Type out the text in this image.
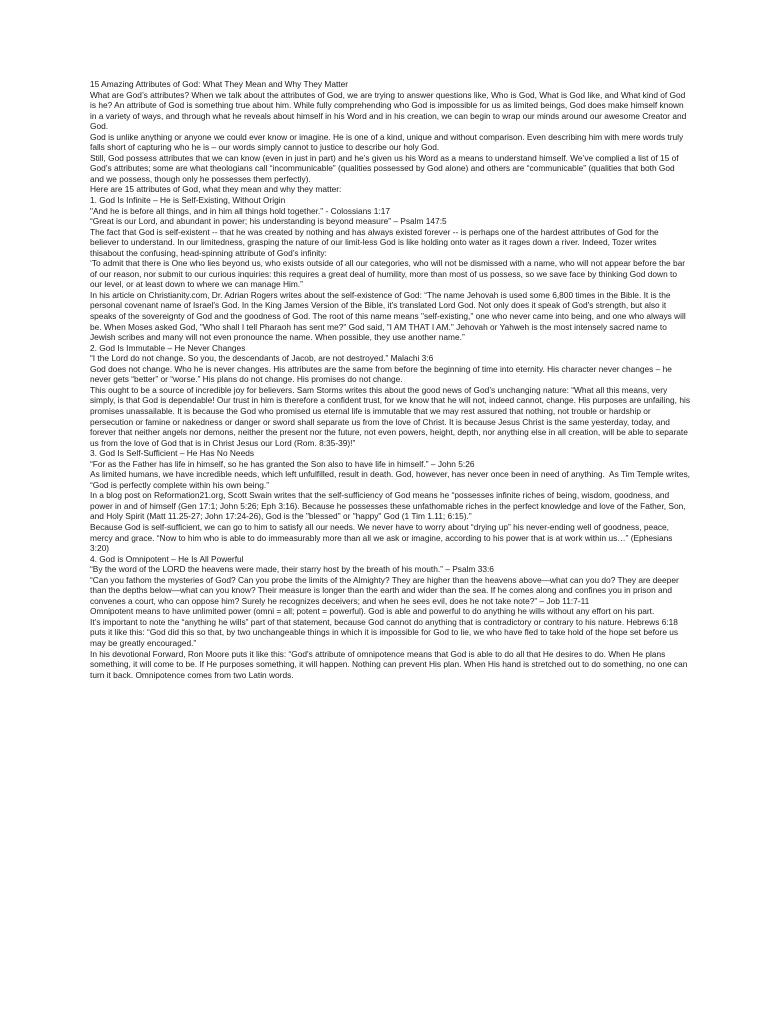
15 Amazing Attributes of God: What They Mean and Why They Matter
What are God’s attributes? When we talk about the attributes of God, we are trying to answer questions like, Who is God, What is God like, and What kind of God is he? An attribute of God is something true about him. While fully comprehending who God is impossible for us as limited beings, God does make himself known in a variety of ways, and through what he reveals about himself in his Word and in his creation, we can begin to wrap our minds around our awesome Creator and God.
God is unlike anything or anyone we could ever know or imagine. He is one of a kind, unique and without comparison. Even describing him with mere words truly falls short of capturing who he is – our words simply cannot to justice to describe our holy God.
Still, God possess attributes that we can know (even in just in part) and he’s given us his Word as a means to understand himself. We’ve complied a list of 15 of God’s attributes; some are what theologians call “incommunicable” (qualities possessed by God alone) and others are “communicable” (qualities that both God and we possess, though only he possesses them perfectly).
Here are 15 attributes of God, what they mean and why they matter:
1. God Is Infinite – He is Self-Existing, Without Origin
"And he is before all things, and in him all things hold together." - Colossians 1:17
“Great is our Lord, and abundant in power; his understanding is beyond measure” – Psalm 147:5
The fact that God is self-existent -- that he was created by nothing and has always existed forever -- is perhaps one of the hardest attributes of God for the believer to understand. In our limitedness, grasping the nature of our limit-less God is like holding onto water as it rages down a river. Indeed, Tozer writes thisabout the confusing, head-spinning attribute of God’s infinity:
‘To admit that there is One who lies beyond us, who exists outside of all our categories, who will not be dismissed with a name, who will not appear before the bar of our reason, nor submit to our curious inquiries: this requires a great deal of humility, more than most of us possess, so we save face by thinking God down to our level, or at least down to where we can manage Him.”
In his article on Christianity.com, Dr. Adrian Rogers writes about the self-existence of God: “The name Jehovah is used some 6,800 times in the Bible. It is the personal covenant name of Israel's God. In the King James Version of the Bible, it's translated Lord God. Not only does it speak of God's strength, but also it speaks of the sovereignty of God and the goodness of God. The root of this name means "self-existing," one who never came into being, and one who always will be. When Moses asked God, "Who shall I tell Pharaoh has sent me?" God said, "I AM THAT I AM." Jehovah or Yahweh is the most intensely sacred name to Jewish scribes and many will not even pronounce the name. When possible, they use another name.”
2. God Is Immutable – He Never Changes
“I the Lord do not change. So you, the descendants of Jacob, are not destroyed.” Malachi 3:6
God does not change. Who he is never changes. His attributes are the same from before the beginning of time into eternity. His character never changes – he never gets “better” or “worse.” His plans do not change. His promises do not change.
This ought to be a source of incredible joy for believers. Sam Storms writes this about the good news of God’s unchanging nature: “What all this means, very simply, is that God is dependable! Our trust in him is therefore a confident trust, for we know that he will not, indeed cannot, change. His purposes are unfailing, his promises unassailable. It is because the God who promised us eternal life is immutable that we may rest assured that nothing, not trouble or hardship or persecution or famine or nakedness or danger or sword shall separate us from the love of Christ. It is because Jesus Christ is the same yesterday, today, and forever that neither angels nor demons, neither the present nor the future, not even powers, height, depth, nor anything else in all creation, will be able to separate us from the love of God that is in Christ Jesus our Lord (Rom. 8:35-39)!”
3. God Is Self-Sufficient – He Has No Needs
“For as the Father has life in himself, so he has granted the Son also to have life in himself.” – John 5:26
As limited humans, we have incredible needs, which left unfulfilled, result in death. God, however, has never once been in need of anything.  As Tim Temple writes, “God is perfectly complete within his own being.”
In a blog post on Reformation21.org, Scott Swain writes that the self-sufficiency of God means he “possesses infinite riches of being, wisdom, goodness, and power in and of himself (Gen 17:1; John 5:26; Eph 3:16). Because he possesses these unfathomable riches in the perfect knowledge and love of the Father, Son, and Holy Spirit (Matt 11.25-27; John 17:24-26), God is the "blessed" or "happy" God (1 Tim 1.11; 6:15).”
Because God is self-sufficient, we can go to him to satisfy all our needs. We never have to worry about “drying up” his never-ending well of goodness, peace, mercy and grace. “Now to him who is able to do immeasurably more than all we ask or imagine, according to his power that is at work within us…” (Ephesians 3:20)
4. God is Omnipotent – He Is All Powerful
“By the word of the LORD the heavens were made, their starry host by the breath of his mouth.” – Psalm 33:6
“Can you fathom the mysteries of God? Can you probe the limits of the Almighty? They are higher than the heavens above—what can you do? They are deeper than the depths below—what can you know? Their measure is longer than the earth and wider than the sea. If he comes along and confines you in prison and convenes a court, who can oppose him? Surely he recognizes deceivers; and when he sees evil, does he not take note?” – Job 11:7-11
Omnipotent means to have unlimited power (omni = all; potent = powerful). God is able and powerful to do anything he wills without any effort on his part.
It’s important to note the “anything he wills” part of that statement, because God cannot do anything that is contradictory or contrary to his nature. Hebrews 6:18 puts it like this: “God did this so that, by two unchangeable things in which it is impossible for God to lie, we who have fled to take hold of the hope set before us may be greatly encouraged.”
In his devotional Forward, Ron Moore puts it like this: “God's attribute of omnipotence means that God is able to do all that He desires to do. When He plans something, it will come to be. If He purposes something, it will happen. Nothing can prevent His plan. When His hand is stretched out to do something, no one can turn it back. Omnipotence comes from two Latin words.
